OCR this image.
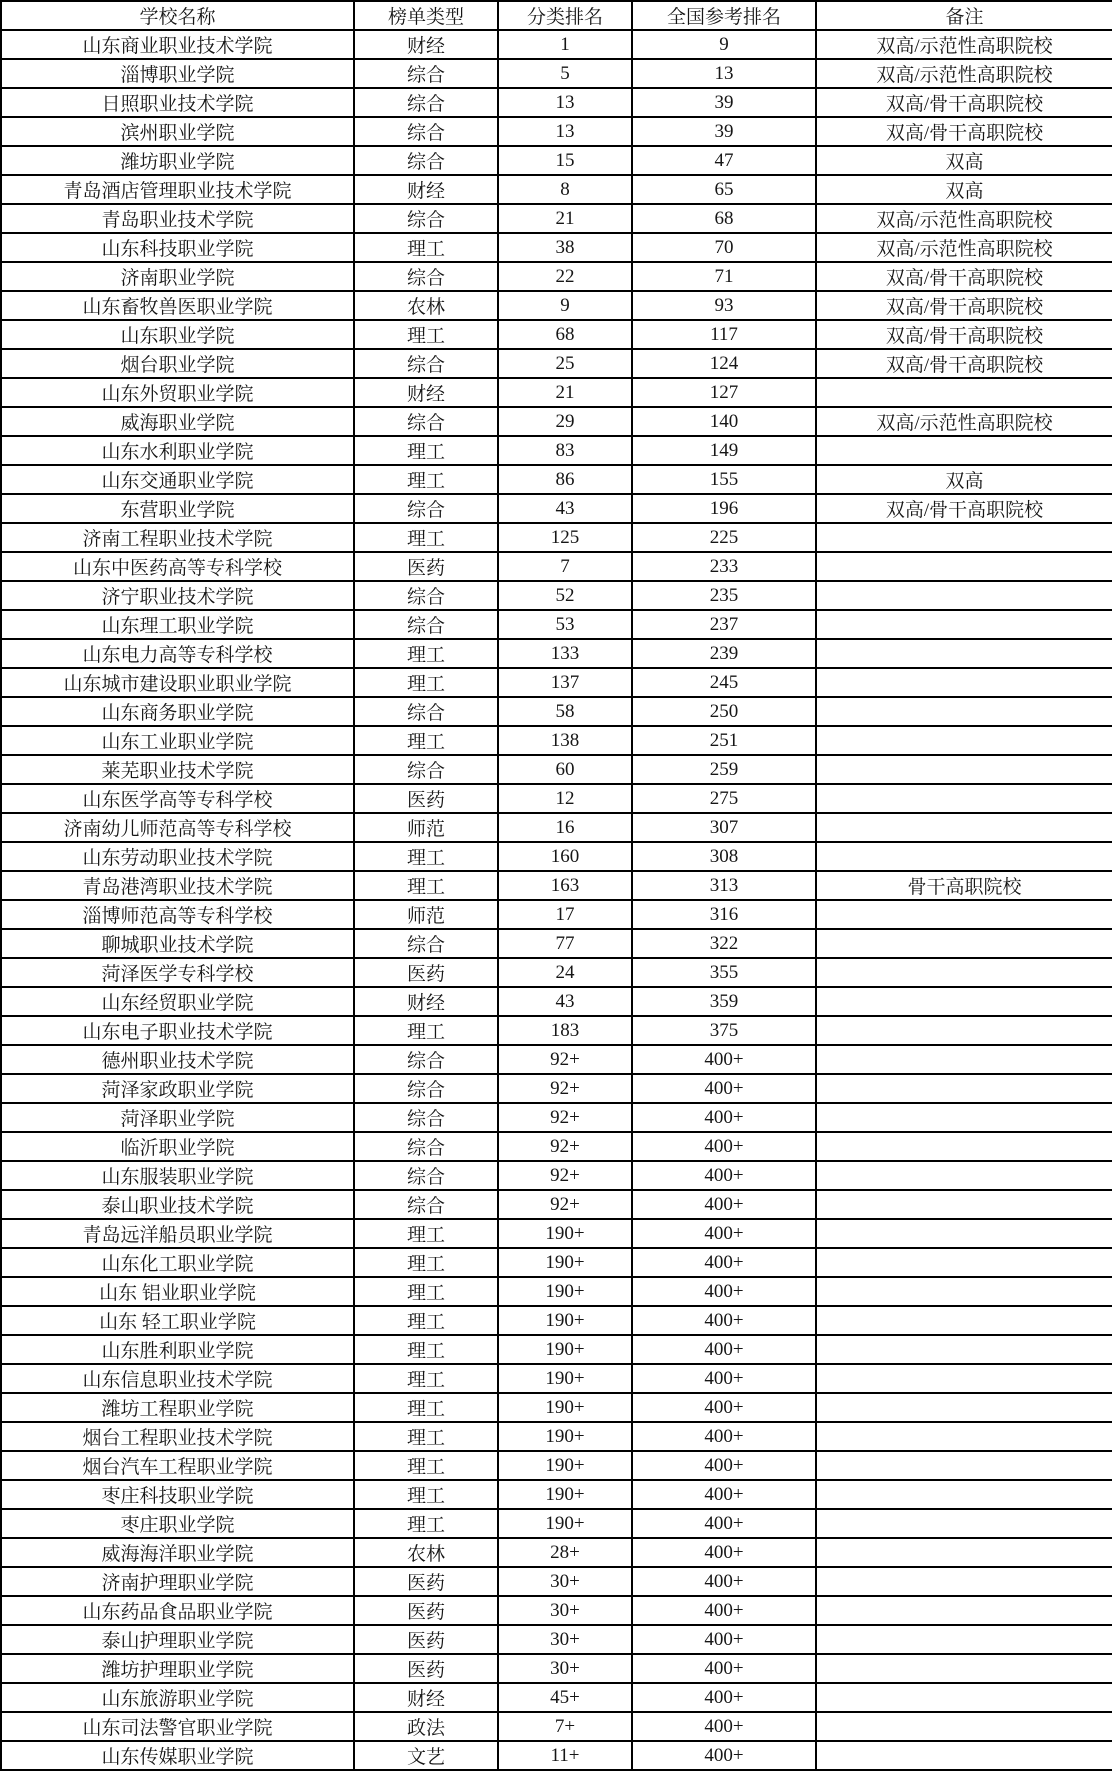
学校名称	榜单类型	分类排名	全国参考排名	备注
山东商业职业技术学院	财经	1	9	双高/示范性高职院校
淄博职业学院	综合	5	13	双高/示范性高职院校
日照职业技术学院	综合	13	39	双高/骨干高职院校
滨州职业学院	综合	13	39	双高/骨干高职院校
潍坊职业学院	综合	15	47	双高
青岛酒店管理职业技术学院	财经	8	65	双高
青岛职业技术学院	综合	21	68	双高/示范性高职院校
山东科技职业学院	理工	38	70	双高/示范性高职院校
济南职业学院	综合	22	71	双高/骨干高职院校
山东畜牧兽医职业学院	农林	9	93	双高/骨干高职院校
山东职业学院	理工	68	117	双高/骨干高职院校
烟台职业学院	综合	25	124	双高/骨干高职院校
山东外贸职业学院	财经	21	127	
威海职业学院	综合	29	140	双高/示范性高职院校
山东水利职业学院	理工	83	149	
山东交通职业学院	理工	86	155	双高
东营职业学院	综合	43	196	双高/骨干高职院校
济南工程职业技术学院	理工	125	225	
山东中医药高等专科学校	医药	7	233	
济宁职业技术学院	综合	52	235	
山东理工职业学院	综合	53	237	
山东电力高等专科学校	理工	133	239	
山东城市建设职业职业学院	理工	137	245	
山东商务职业学院	综合	58	250	
山东工业职业学院	理工	138	251	
莱芜职业技术学院	综合	60	259	
山东医学高等专科学校	医药	12	275	
济南幼儿师范高等专科学校	师范	16	307	
山东劳动职业技术学院	理工	160	308	
青岛港湾职业技术学院	理工	163	313	骨干高职院校
淄博师范高等专科学校	师范	17	316	
聊城职业技术学院	综合	77	322	
菏泽医学专科学校	医药	24	355	
山东经贸职业学院	财经	43	359	
山东电子职业技术学院	理工	183	375	
德州职业技术学院	综合	92+	400+	
菏泽家政职业学院	综合	92+	400+	
菏泽职业学院	综合	92+	400+	
临沂职业学院	综合	92+	400+	
山东服装职业学院	综合	92+	400+	
泰山职业技术学院	综合	92+	400+	
青岛远洋船员职业学院	理工	190+	400+	
山东化工职业学院	理工	190+	400+	
山东 铝业职业学院	理工	190+	400+	
山东 轻工职业学院	理工	190+	400+	
山东胜利职业学院	理工	190+	400+	
山东信息职业技术学院	理工	190+	400+	
潍坊工程职业学院	理工	190+	400+	
烟台工程职业技术学院	理工	190+	400+	
烟台汽车工程职业学院	理工	190+	400+	
枣庄科技职业学院	理工	190+	400+	
枣庄职业学院	理工	190+	400+	
威海海洋职业学院	农林	28+	400+	
济南护理职业学院	医药	30+	400+	
山东药品食品职业学院	医药	30+	400+	
泰山护理职业学院	医药	30+	400+	
潍坊护理职业学院	医药	30+	400+	
山东旅游职业学院	财经	45+	400+	
山东司法警官职业学院	政法	7+	400+	
山东传媒职业学院	文艺	11+	400+	
